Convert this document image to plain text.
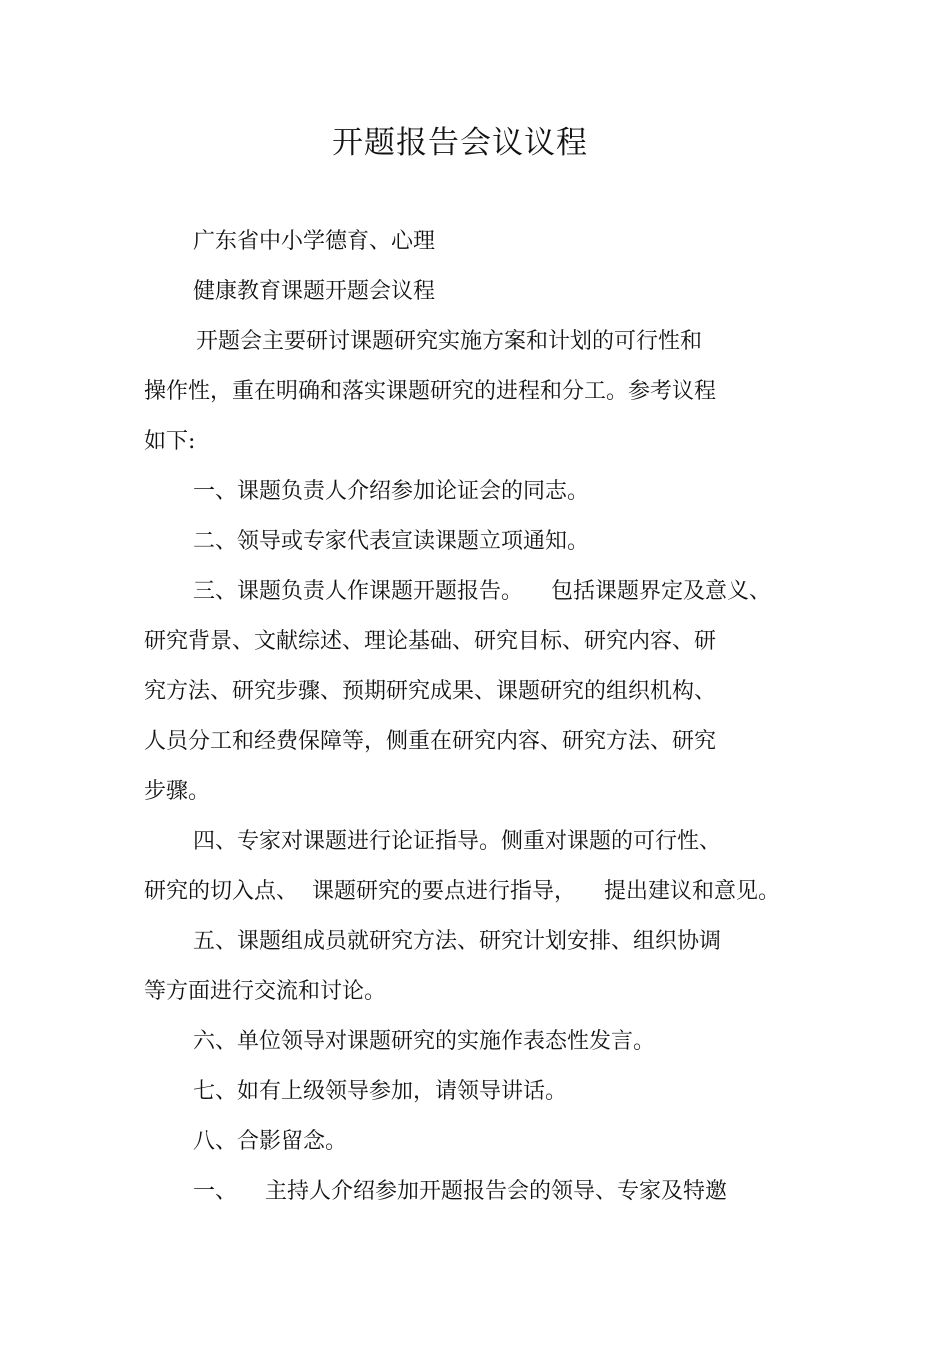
开题报告会议议程

广东省中小学德育、心理

健康教育课题开题会议程

开题会主要研讨课题研究实施方案和计划的可行性和

操作性，重在明确和落实课题研究的进程和分工。参考议程

如下:

一、课题负责人介绍参加论证会的同志。

二、领导或专家代表宣读课题立项通知。

三、课题负责人作课题开题报告。    包括课题界定及意义、

研究背景、文献综述、理论基础、研究目标、研究内容、研

究方法、研究步骤、预期研究成果、课题研究的组织机构、

人员分工和经费保障等，侧重在研究内容、研究方法、研究

步骤。

四、专家对课题进行论证指导。侧重对课题的可行性、

研究的切入点、  课题研究的要点进行指导，    提出建议和意见。

五、课题组成员就研究方法、研究计划安排、组织协调

等方面进行交流和讨论。

六、单位领导对课题研究的实施作表态性发言。

七、如有上级领导参加，请领导讲话。

八、合影留念。

一、    主持人介绍参加开题报告会的领导、专家及特邀
